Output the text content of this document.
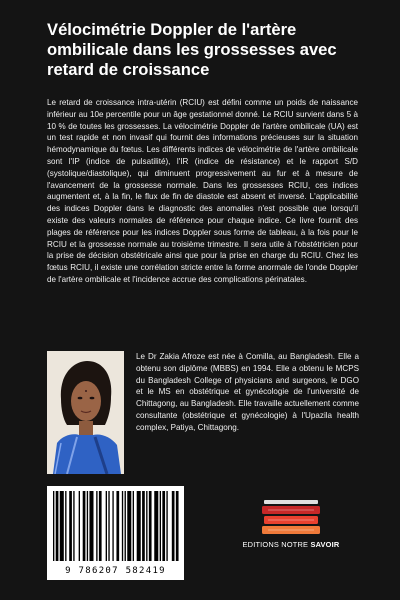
Vélocimétrie Doppler de l'artère ombilicale dans les grossesses avec retard de croissance

Le retard de croissance intra-utérin (RCIU) est défini comme un poids de naissance inférieur au 10e percentile pour un âge gestationnel donné. Le RCIU survient dans 5 à 10 % de toutes les grossesses. La vélocimétrie Doppler de l'artère ombilicale (UA) est un test rapide et non invasif qui fournit des informations précieuses sur la situation hémodynamique du fœtus. Les différents indices de vélocimétrie de l'artère ombilicale sont l'IP (indice de pulsatilité), l'IR (indice de résistance) et le rapport S/D (systolique/diastolique), qui diminuent progressivement au fur et à mesure de l'avancement de la grossesse normale. Dans les grossesses RCIU, ces indices augmentent et, à la fin, le flux de fin de diastole est absent et inversé. L'applicabilité des indices Doppler dans le diagnostic des anomalies n'est possible que lorsqu'il existe des valeurs normales de référence pour chaque indice. Ce livre fournit des plages de référence pour les indices Doppler sous forme de tableau, à la fois pour le RCIU et la grossesse normale au troisième trimestre. Il sera utile à l'obstétricien pour la prise de décision obstétricale ainsi que pour la prise en charge du RCIU. Chez les fœtus RCIU, il existe une corrélation stricte entre la forme anormale de l'onde Doppler de l'artère ombilicale et l'incidence accrue des complications périnatales.

Le Dr Zakia Afroze est née à Comilla, au Bangladesh. Elle a obtenu son diplôme (MBBS) en 1994. Elle a obtenu le MCPS du Bangladesh College of physicians and surgeons, le DGO et le MS en obstétrique et gynécologie de l'université de Chittagong, au Bangladesh. Elle travaille actuellement comme consultante (obstétrique et gynécologie) à l'Upazila health complex, Patiya, Chittagong.

9 786207 582419
EDITIONS NOTRE SAVOIR
